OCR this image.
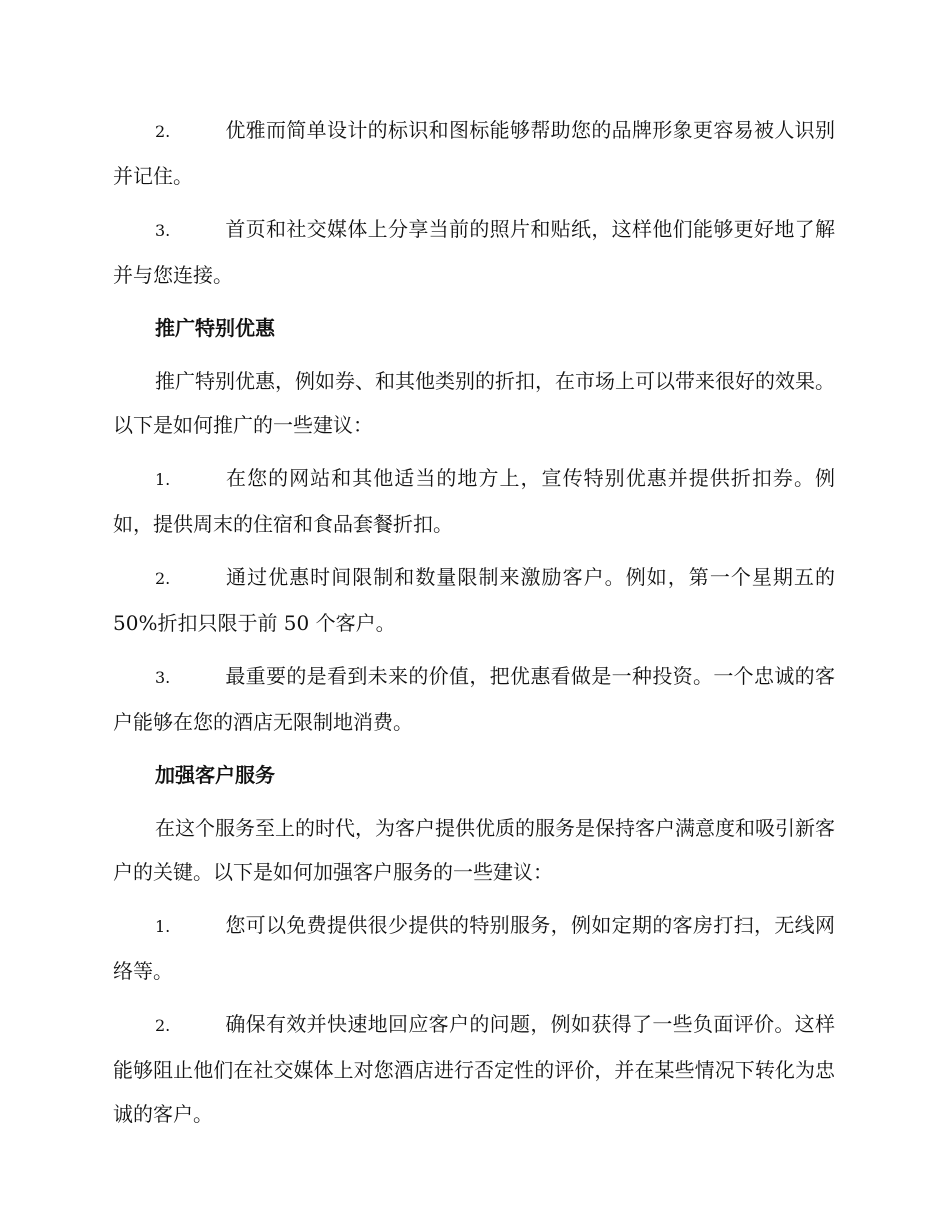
2.	优雅而简单设计的标识和图标能够帮助您的品牌形象更容易被人识别并记住。

3.	首页和社交媒体上分享当前的照片和贴纸，这样他们能够更好地了解并与您连接。

推广特别优惠

推广特别优惠，例如券、和其他类别的折扣，在市场上可以带来很好的效果。以下是如何推广的一些建议：

1.	在您的网站和其他适当的地方上，宣传特别优惠并提供折扣券。例如，提供周末的住宿和食品套餐折扣。

2.	通过优惠时间限制和数量限制来激励客户。例如，第一个星期五的 50%折扣只限于前 50 个客户。

3.	最重要的是看到未来的价值，把优惠看做是一种投资。一个忠诚的客户能够在您的酒店无限制地消费。

加强客户服务

在这个服务至上的时代，为客户提供优质的服务是保持客户满意度和吸引新客户的关键。以下是如何加强客户服务的一些建议：

1.	您可以免费提供很少提供的特别服务，例如定期的客房打扫，无线网络等。

2.	确保有效并快速地回应客户的问题，例如获得了一些负面评价。这样能够阻止他们在社交媒体上对您酒店进行否定性的评价，并在某些情况下转化为忠诚的客户。
